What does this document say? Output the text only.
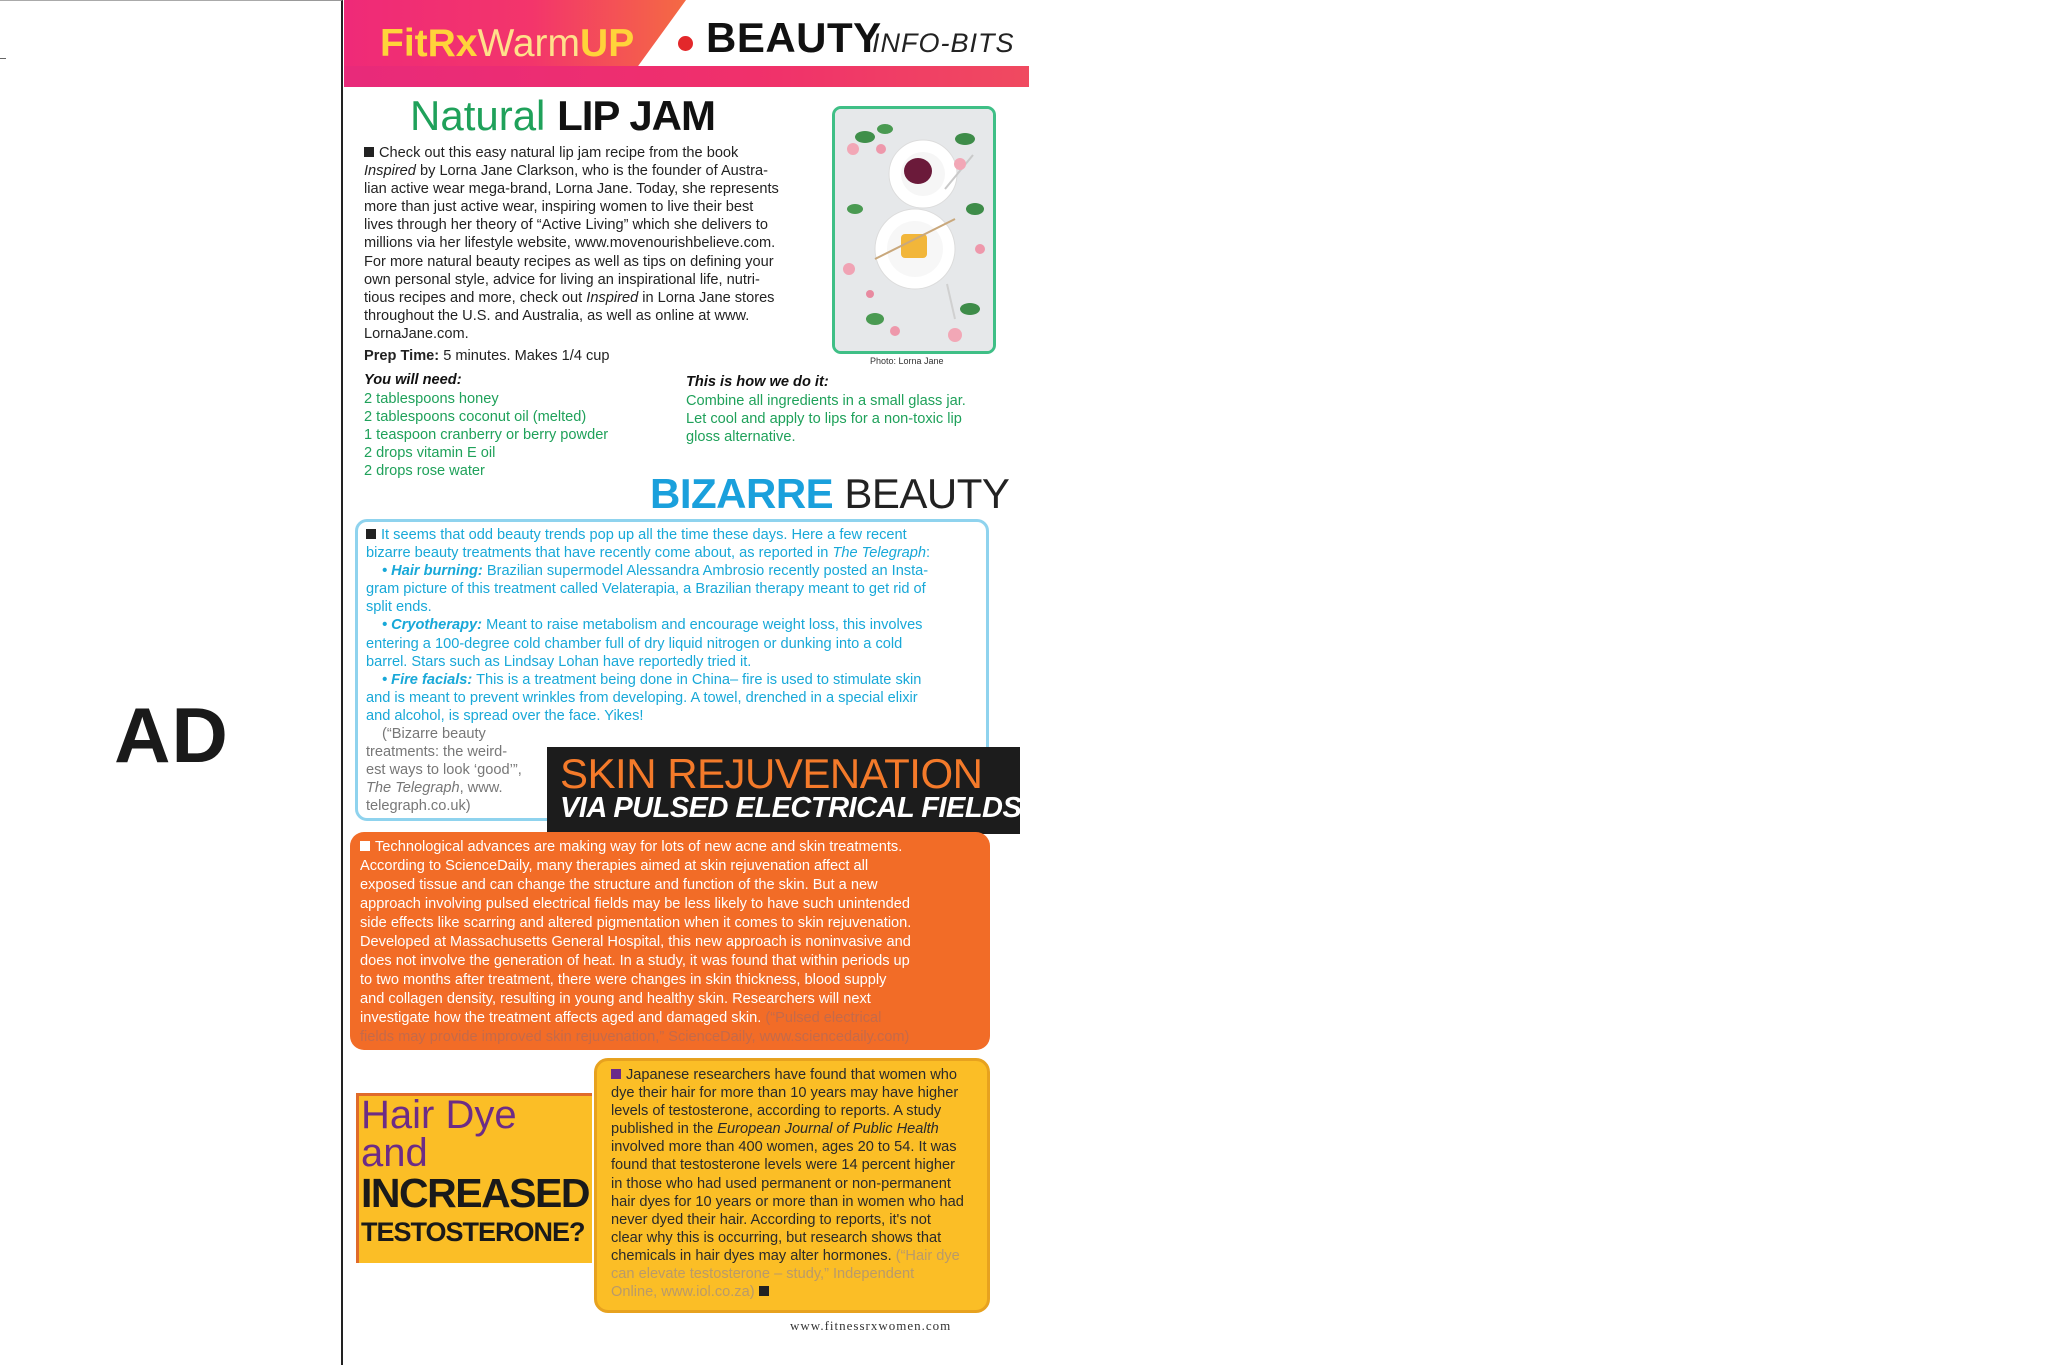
AD
FitRxWarmUP BEAUTY
INFO-BITS
Natural LIP JAM
Check out this easy natural lip jam recipe from the book
Inspired by Lorna Jane Clarkson, who is the founder of Austra-
lian active wear mega-brand, Lorna Jane. Today, she represents
more than just active wear, inspiring women to live their best
lives through her theory of “Active Living” which she delivers to
millions via her lifestyle website, www.movenourishbelieve.com.
For more natural beauty recipes as well as tips on defining your
own personal style, advice for living an inspirational life, nutri-
tious recipes and more, check out Inspired in Lorna Jane stores
throughout the U.S. and Australia, as well as online at www.
LornaJane.com.
Prep Time: 5 minutes. Makes 1/4 cup
You will need:
2 tablespoons honey
2 tablespoons coconut oil (melted)
1 teaspoon cranberry or berry powder
2 drops vitamin E oil
2 drops rose water
This is how we do it:
Combine all ingredients in a small glass jar.
Let cool and apply to lips for a non-toxic lip
gloss alternative.
Photo: Lorna Jane
BIZARRE BEAUTY

It seems that odd beauty trends pop up all the time these days. Here a few recent

bizarre beauty treatments that have recently come about, as reported in The Telegraph:

• Hair burning: Brazilian supermodel Alessandra Ambrosio recently posted an Insta-

gram picture of this treatment called Velaterapia, a Brazilian therapy meant to get rid of

split ends.

• Cryotherapy: Meant to raise metabolism and encourage weight loss, this involves

entering a 100-degree cold chamber full of dry liquid nitrogen or dunking into a cold

barrel. Stars such as Lindsay Lohan have reportedly tried it.

• Fire facials: This is a treatment being done in China– fire is used to stimulate skin

and is meant to prevent wrinkles from developing. A towel, drenched in a special elixir

and alcohol, is spread over the face. Yikes!

(“Bizarre beauty
treatments: the weird-
est ways to look ‘good’”,
The Telegraph, www.
telegraph.co.uk)
SKIN REJUVENATION
VIA PULSED ELECTRICAL FIELDS
Technological advances are making way for lots of new acne and skin treatments.
According to ScienceDaily, many therapies aimed at skin rejuvenation affect all
exposed tissue and can change the structure and function of the skin. But a new
approach involving pulsed electrical fields may be less likely to have such unintended
side effects like scarring and altered pigmentation when it comes to skin rejuvenation.
Developed at Massachusetts General Hospital, this new approach is noninvasive and
does not involve the generation of heat. In a study, it was found that within periods up
to two months after treatment, there were changes in skin thickness, blood supply
and collagen density, resulting in young and healthy skin. Researchers will next
investigate how the treatment affects aged and damaged skin. (“Pulsed electrical
fields may provide improved skin rejuvenation,” ScienceDaily, www.sciencedaily.com)
Hair Dye
and
INCREASED
TESTOSTERONE?
Japanese researchers have found that women who
dye their hair for more than 10 years may have higher
levels of testosterone, according to reports. A study
published in the European Journal of Public Health
involved more than 400 women, ages 20 to 54. It was
found that testosterone levels were 14 percent higher
in those who had used permanent or non-permanent
hair dyes for 10 years or more than in women who had
never dyed their hair. According to reports, it's not
clear why this is occurring, but research shows that
chemicals in hair dyes may alter hormones. (“Hair dye
can elevate testosterone – study,” Independent
Online, www.iol.co.za)
www.fitnessrxwomen.com
